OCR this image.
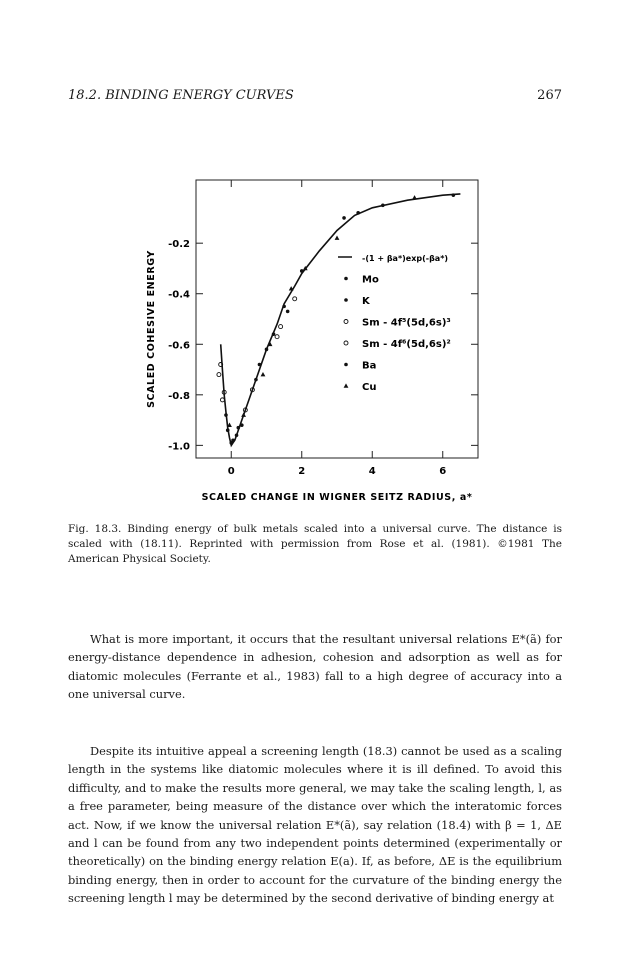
18.2. BINDING ENERGY CURVES	267
0	2	4	6
-0.2
-0.4
-0.6
-0.8
-1.0
-(1 + βa*)exp(-βa*)
Mo
K
Sm - 4f⁵(5d,6s)³
Sm - 4f⁶(5d,6s)²
Ba
Cu
SCALED CHANGE IN WIGNER SEITZ RADIUS, a*
SCALED COHESIVE ENERGY
Fig. 18.3. Binding energy of bulk metals scaled into a universal curve. The distance is scaled with (18.11). Reprinted with permission from Rose et al. (1981). ©1981 The American Physical Society.

What is more important, it occurs that the resultant universal relations E*(ã) for energy-distance dependence in adhesion, cohesion and adsorption as well as for diatomic molecules (Ferrante et al., 1983) fall to a high degree of accuracy into a one universal curve.

Despite its intuitive appeal a screening length (18.3) cannot be used as a scaling length in the systems like diatomic molecules where it is ill defined. To avoid this difficulty, and to make the results more general, we may take the scaling length, l, as a free parameter, being measure of the distance over which the interatomic forces act. Now, if we know the universal relation E*(ã), say relation (18.4) with β = 1, ΔE and l can be found from any two independent points determined (experimentally or theoretically) on the binding energy relation E(a). If, as before, ΔE is the equilibrium binding energy, then in order to account for the curvature of the binding energy the screening length l may be determined by the second derivative of binding energy at
